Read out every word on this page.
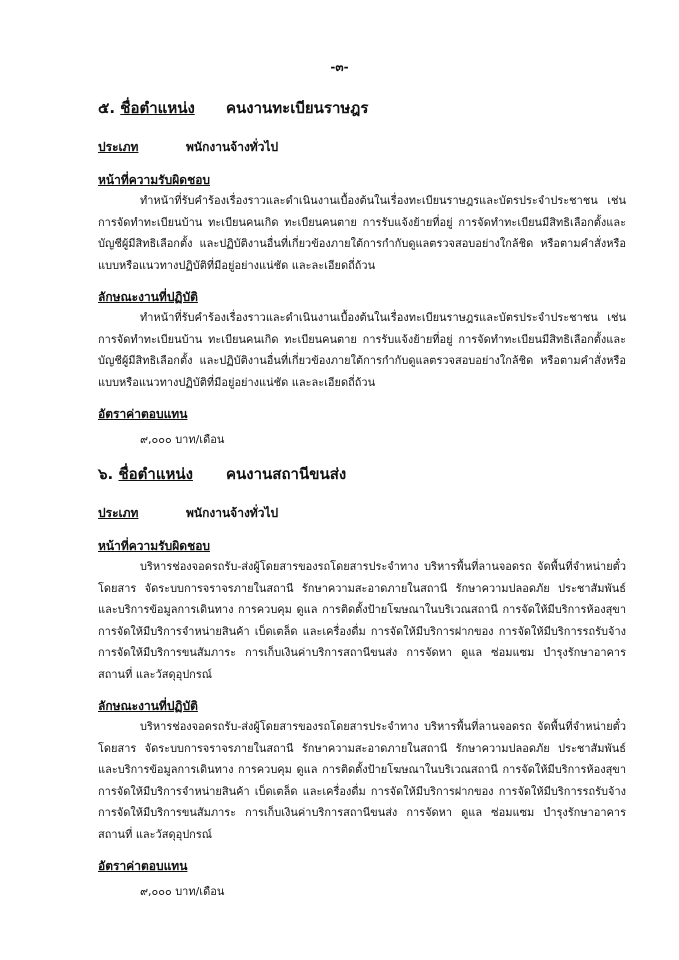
-๓-
๕. ชื่อตำแหน่ง	คนงานทะเบียนราษฎร
ประเภท	พนักงานจ้างทั่วไป
หน้าที่ความรับผิดชอบ

ทำหน้าที่รับคำร้องเรื่องราวและดำเนินงานเบื้องต้นในเรื่องทะเบียนราษฎรและบัตรประจำประชาชน เช่น การจัดทำทะเบียนบ้าน ทะเบียนคนเกิด ทะเบียนคนตาย การรับแจ้งย้ายที่อยู่ การจัดทำทะเบียนมีสิทธิเลือกตั้งและบัญชีผู้มีสิทธิเลือกตั้ง และปฏิบัติงานอื่นที่เกี่ยวข้องภายใต้การกำกับดูแลตรวจสอบอย่างใกล้ชิด หรือตามคำสั่งหรือแบบหรือแนวทางปฏิบัติที่มีอยู่อย่างแน่ชัด และละเอียดถี่ถ้วน

ลักษณะงานที่ปฏิบัติ

ทำหน้าที่รับคำร้องเรื่องราวและดำเนินงานเบื้องต้นในเรื่องทะเบียนราษฎรและบัตรประจำประชาชน เช่น การจัดทำทะเบียนบ้าน ทะเบียนคนเกิด ทะเบียนคนตาย การรับแจ้งย้ายที่อยู่ การจัดทำทะเบียนมีสิทธิเลือกตั้งและบัญชีผู้มีสิทธิเลือกตั้ง และปฏิบัติงานอื่นที่เกี่ยวข้องภายใต้การกำกับดูแลตรวจสอบอย่างใกล้ชิด หรือตามคำสั่งหรือแบบหรือแนวทางปฏิบัติที่มีอยู่อย่างแน่ชัด และละเอียดถี่ถ้วน

อัตราค่าตอบแทน
๙,๐๐๐ บาท/เดือน
๖. ชื่อตำแหน่ง	คนงานสถานีขนส่ง
ประเภท	พนักงานจ้างทั่วไป
หน้าที่ความรับผิดชอบ

บริหารช่องจอดรถรับ-ส่งผู้โดยสารของรถโดยสารประจำทาง บริหารพื้นที่ลานจอดรถ จัดพื้นที่จำหน่ายตั๋วโดยสาร จัดระบบการจราจรภายในสถานี รักษาความสะอาดภายในสถานี รักษาความปลอดภัย ประชาสัมพันธ์และบริการข้อมูลการเดินทาง การควบคุม ดูแล การติดตั้งป้ายโฆษณาในบริเวณสถานี การจัดให้มีบริการห้องสุขา การจัดให้มีบริการจำหน่ายสินค้า เบ็ดเตล็ด และเครื่องดื่ม การจัดให้มีบริการฝากของ การจัดให้มีบริการรถรับจ้าง การจัดให้มีบริการขนสัมภาระ การเก็บเงินค่าบริการสถานีขนส่ง การจัดหา ดูแล ซ่อมแซม บำรุงรักษาอาคาร สถานที่ และวัสดุอุปกรณ์

ลักษณะงานที่ปฏิบัติ

บริหารช่องจอดรถรับ-ส่งผู้โดยสารของรถโดยสารประจำทาง บริหารพื้นที่ลานจอดรถ จัดพื้นที่จำหน่ายตั๋วโดยสาร จัดระบบการจราจรภายในสถานี รักษาความสะอาดภายในสถานี รักษาความปลอดภัย ประชาสัมพันธ์และบริการข้อมูลการเดินทาง การควบคุม ดูแล การติดตั้งป้ายโฆษณาในบริเวณสถานี การจัดให้มีบริการห้องสุขา การจัดให้มีบริการจำหน่ายสินค้า เบ็ดเตล็ด และเครื่องดื่ม การจัดให้มีบริการฝากของ การจัดให้มีบริการรถรับจ้าง การจัดให้มีบริการขนสัมภาระ การเก็บเงินค่าบริการสถานีขนส่ง การจัดหา ดูแล ซ่อมแซม บำรุงรักษาอาคาร สถานที่ และวัสดุอุปกรณ์

อัตราค่าตอบแทน
๙,๐๐๐ บาท/เดือน
